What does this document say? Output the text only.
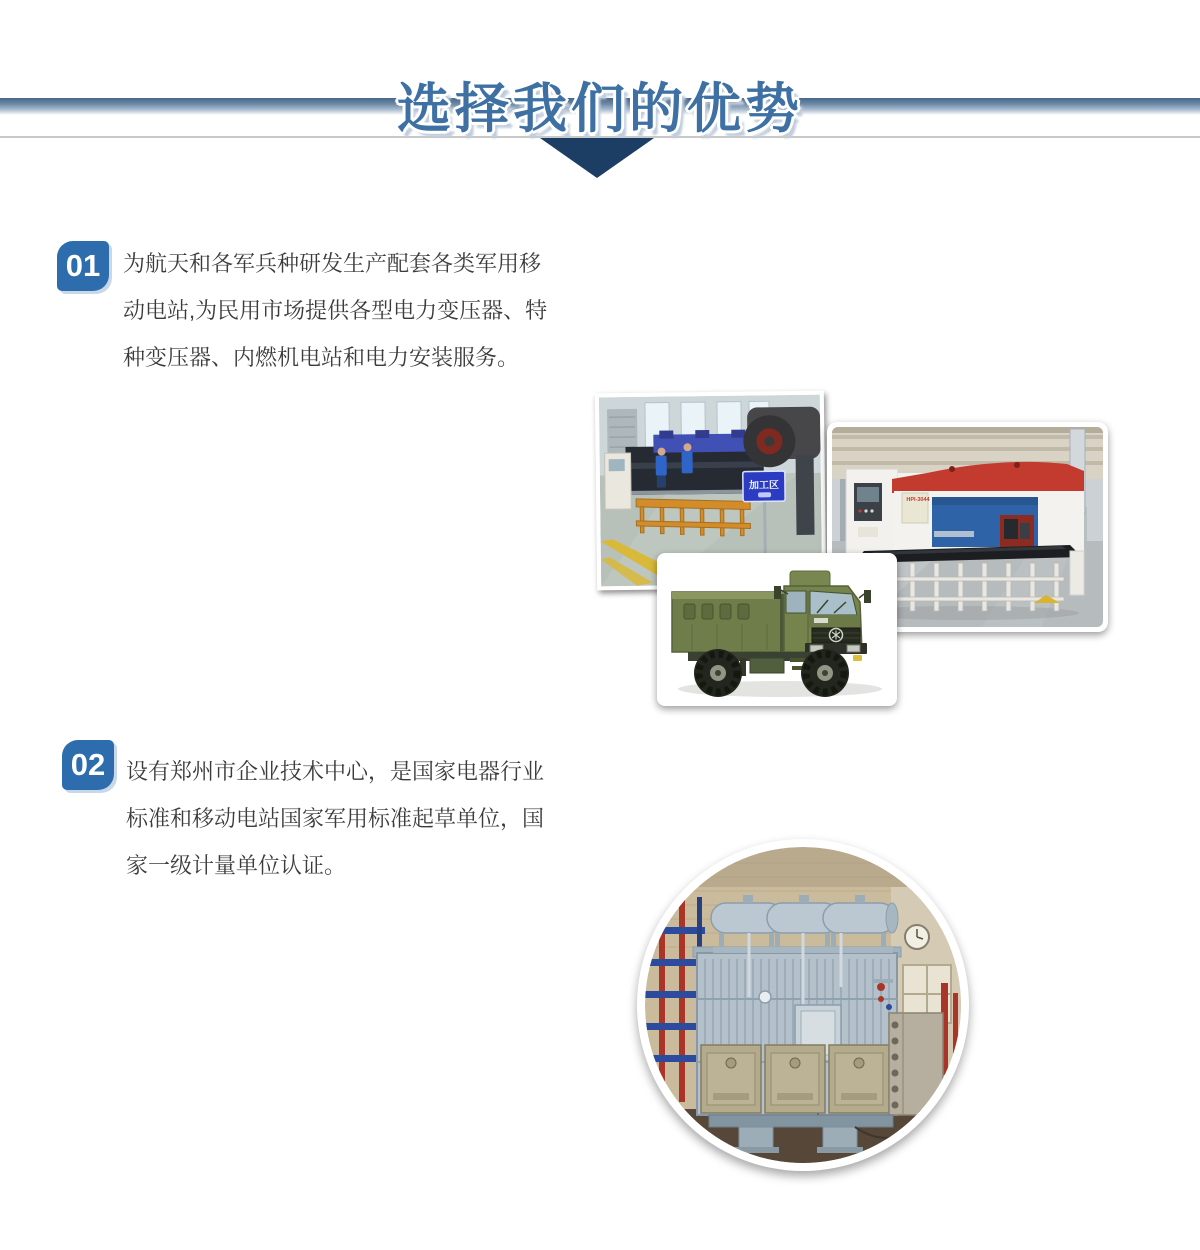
选择我们的优势
01	为航天和各军兵种研发生产配套各类军用移
动电站,为民用市场提供各型电力变压器、特
种变压器、内燃机电站和电力安装服务。
加工区
HPI-3044
YAWEI-NISSHINBO
02 设有郑州市企业技术中心，是国家电器行业
标准和移动电站国家军用标准起草单位，国
家一级计量单位认证。
